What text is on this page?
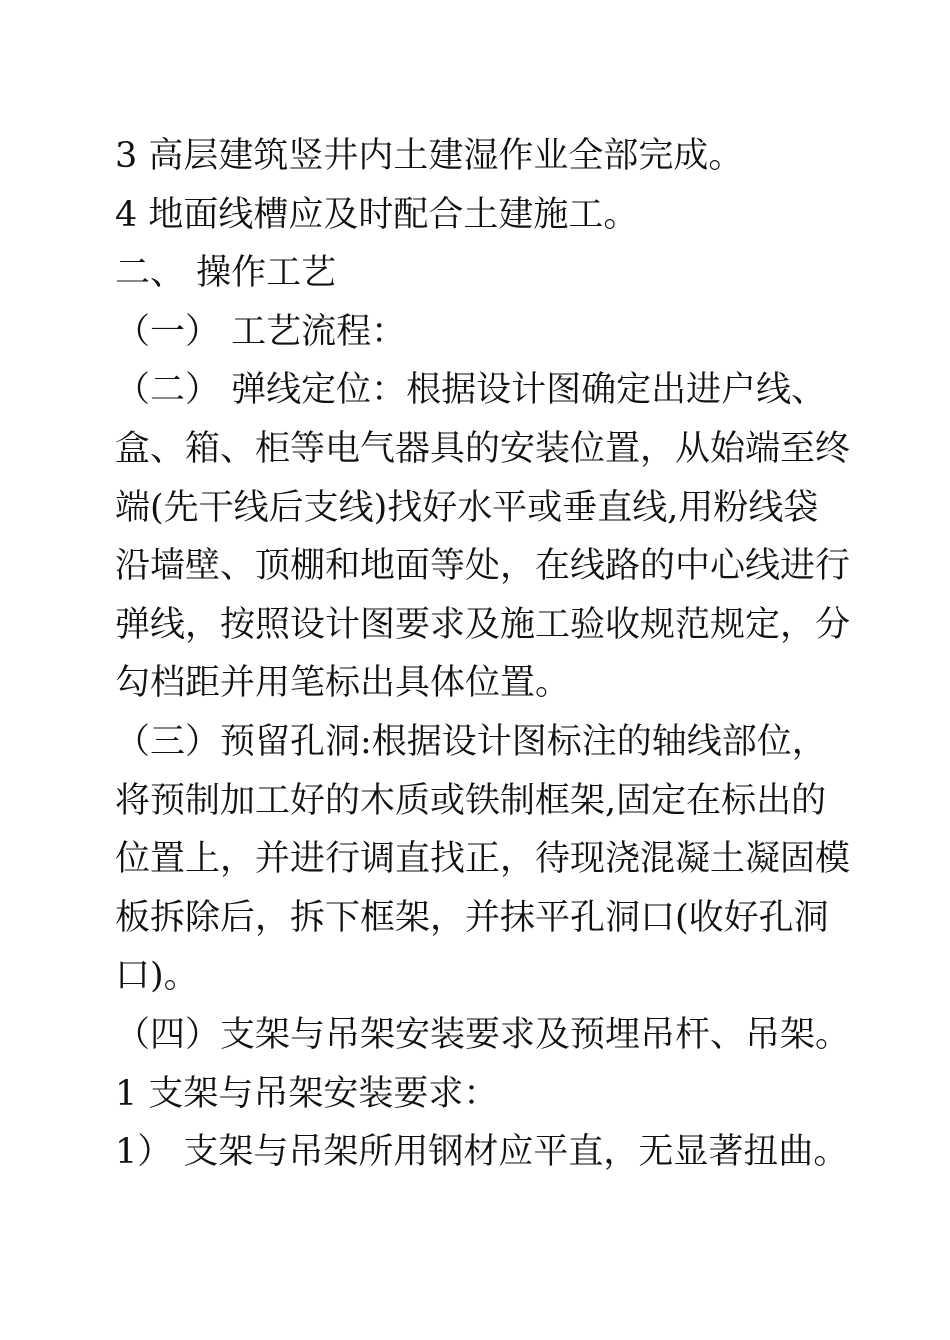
3 高层建筑竖井内土建湿作业全部完成。
4 地面线槽应及时配合土建施工。
二、 操作工艺
（一） 工艺流程：
（二） 弹线定位：根据设计图确定出进户线、
盒、箱、柜等电气器具的安装位置，从始端至终
端(先干线后支线)找好水平或垂直线,用粉线袋
沿墙壁、顶棚和地面等处，在线路的中心线进行
弹线，按照设计图要求及施工验收规范规定，分
勾档距并用笔标出具体位置。
（三）预留孔洞:根据设计图标注的轴线部位，
将预制加工好的木质或铁制框架,固定在标出的
位置上，并进行调直找正，待现浇混凝土凝固模
板拆除后，拆下框架，并抹平孔洞口(收好孔洞
口)。
（四）支架与吊架安装要求及预埋吊杆、吊架。
1 支架与吊架安装要求：
1） 支架与吊架所用钢材应平直，无显著扭曲。
